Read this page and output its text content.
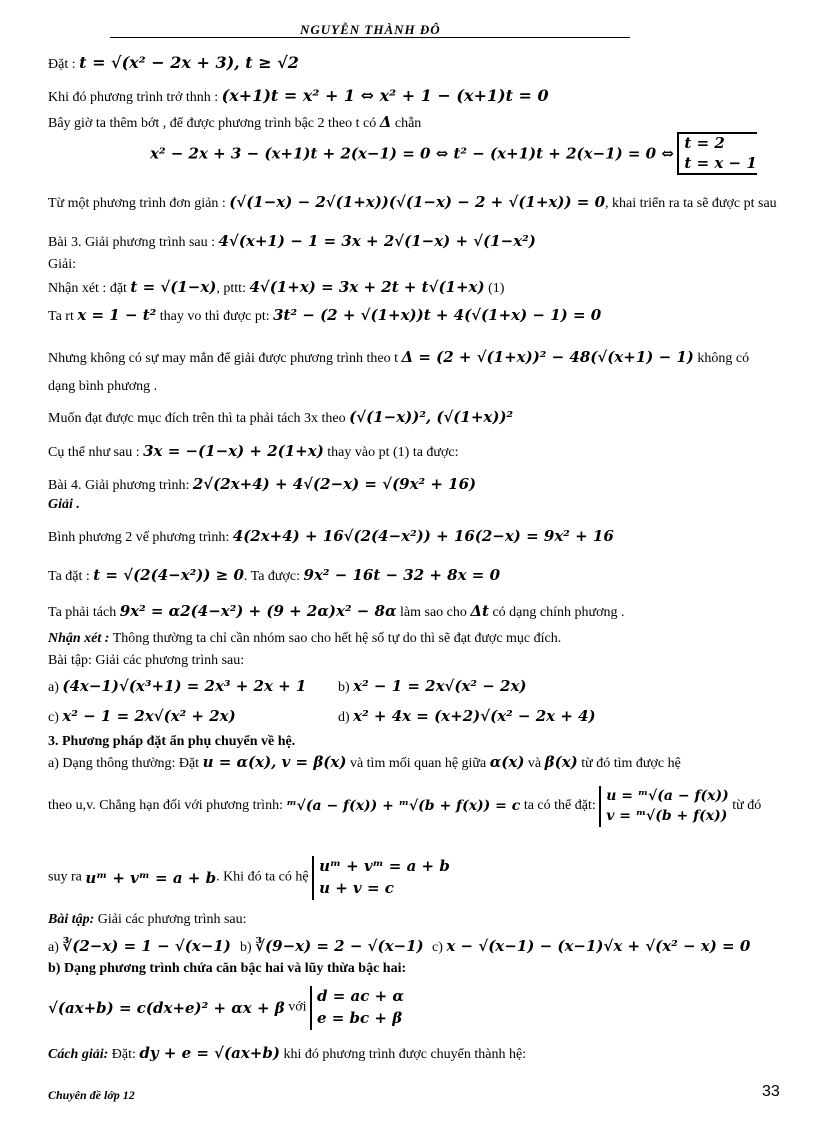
NGUYỄN THÀNH ĐÔ
Đặt : t = √(x² − 2x + 3), t ≥ √2
Khi đó phương trình trở thnh : (x+1)t = x² + 1 ⇔ x² + 1 − (x+1)t = 0
Bây giờ ta thêm bớt , để được phương trình bậc 2 theo t có Δ chẵn
x² − 2x + 3 − (x+1)t + 2(x−1) = 0 ⇔ t² − (x+1)t + 2(x−1) = 0 ⇔
t = 2
t = x − 1
Từ một phương trình đơn giản : (√(1−x) − 2√(1+x))(√(1−x) − 2 + √(1+x)) = 0, khai triển ra ta sẽ được pt sau
Bài 3. Giải phương trình sau : 4√(x+1) − 1 = 3x + 2√(1−x) + √(1−x²)
Giải:
Nhận xét : đặt t = √(1−x), pttt: 4√(1+x) = 3x + 2t + t√(1+x) (1)
Ta rt x = 1 − t² thay vo thì được pt: 3t² − (2 + √(1+x))t + 4(√(1+x) − 1) = 0
Nhưng không có sự may mắn để giải được phương trình theo t Δ = (2 + √(1+x))² − 48(√(x+1) − 1) không có
dạng bình phương .
Muốn đạt được mục đích trên thì ta phải tách 3x theo (√(1−x))², (√(1+x))²
Cụ thể như sau : 3x = −(1−x) + 2(1+x) thay vào pt (1) ta được:
Bài 4. Giải phương trình: 2√(2x+4) + 4√(2−x) = √(9x² + 16)
Giải .
Bình phương 2 vế phương trình: 4(2x+4) + 16√(2(4−x²)) + 16(2−x) = 9x² + 16
Ta đặt : t = √(2(4−x²)) ≥ 0. Ta được: 9x² − 16t − 32 + 8x = 0
Ta phải tách 9x² = α2(4−x²) + (9 + 2α)x² − 8α làm sao cho Δt có dạng chính phương .
Nhận xét : Thông thường ta chỉ cần nhóm sao cho hết hệ số tự do thì sẽ đạt được mục đích.
Bài tập: Giải các phương trình sau:
a) (4x−1)√(x³+1) = 2x³ + 2x + 1 b) x² − 1 = 2x√(x² − 2x)
c) x² − 1 = 2x√(x² + 2x)	d) x² + 4x = (x+2)√(x² − 2x + 4)
3. Phương pháp đặt ẩn phụ chuyển về hệ.
a) Dạng thông thường: Đặt u = α(x), v = β(x) và tìm mối quan hệ giữa α(x) và β(x) từ đó tìm được hệ
theo u,v. Chẳng hạn đối với phương trình: ᵐ√(a − f(x)) + ᵐ√(b + f(x)) = c ta có thể đặt:
u = ᵐ√(a − f(x))
v = ᵐ√(b + f(x))
từ đó
suy ra uᵐ + vᵐ = a + b. Khi đó ta có hệ
uᵐ + vᵐ = a + b
u + v = c
Bài tập: Giải các phương trình sau:
a) ∛(2−x) = 1 − √(x−1) b) ∛(9−x) = 2 − √(x−1) c) x − √(x−1) − (x−1)√x + √(x² − x) = 0
b) Dạng phương trình chứa căn bậc hai và lũy thừa bậc hai:
√(ax+b) = c(dx+e)² + αx + β với
d = ac + α
e = bc + β
Cách giải: Đặt: dy + e = √(ax+b) khi đó phương trình được chuyển thành hệ:
Chuyên đề lớp 12	33
